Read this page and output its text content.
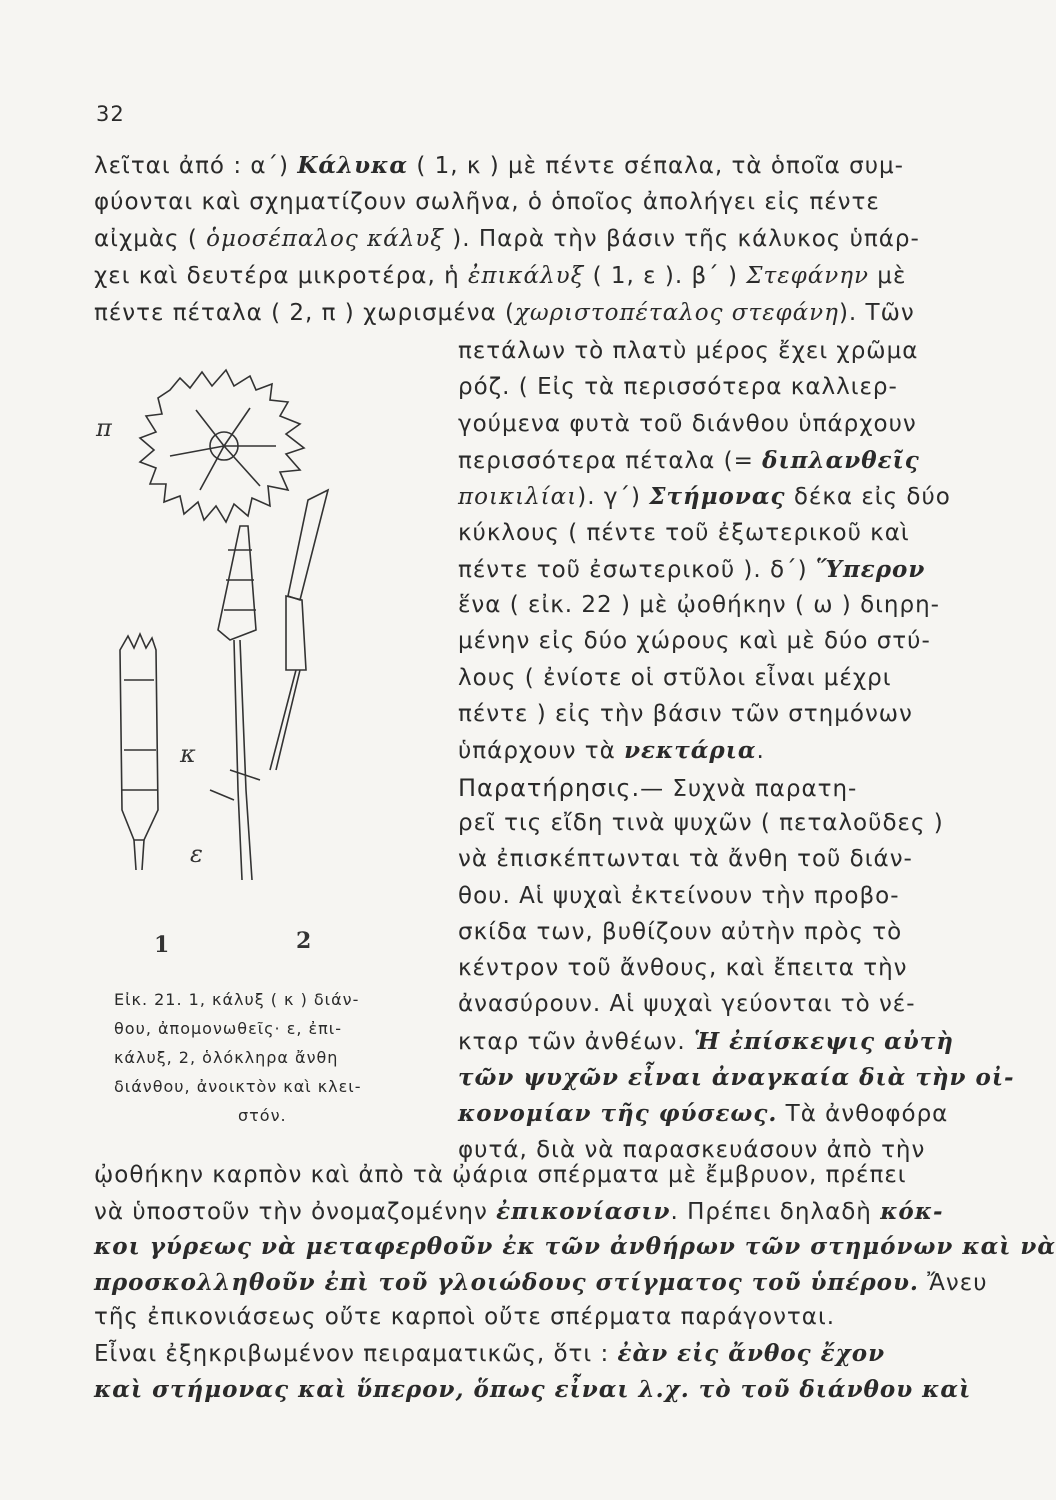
32
λεῖται ἀπό : α΄) Κάλυκα ( 1, κ ) μὲ πέντε σέπαλα, τὰ ὁποῖα συμ-
φύονται καὶ σχηματίζουν σωλῆνα, ὁ ὁποῖος ἀπολήγει εἰς πέντε
αἰχμὰς ( ὁμοσέπαλος κάλυξ ). Παρὰ τὴν βάσιν τῆς κάλυκος ὑπάρ-
χει καὶ δευτέρα μικροτέρα, ἡ ἐπικάλυξ ( 1, ε ). β΄ ) Στεφάνην μὲ
πέντε πέταλα ( 2, π ) χωρισμένα (χωριστοπέταλος στεφάνη). Τῶν
πετάλων τὸ πλατὺ μέρος ἔχει χρῶμα
ρόζ. ( Εἰς τὰ περισσότερα καλλιερ-
γούμενα φυτὰ τοῦ διάνθου ὑπάρχουν
περισσότερα πέταλα (= διπλανθεῖς
ποικιλίαι). γ΄) Στήμονας δέκα εἰς δύο
κύκλους ( πέντε τοῦ ἐξωτερικοῦ καὶ
πέντε τοῦ ἐσωτερικοῦ ). δ΄) Ὕπερον
ἕνα ( εἰκ. 22 ) μὲ ᾠοθήκην ( ω ) διηρη-
μένην εἰς δύο χώρους καὶ μὲ δύο στύ-
λους ( ἐνίοτε οἱ στῦλοι εἶναι μέχρι
πέντε ) εἰς τὴν βάσιν τῶν στημόνων
ὑπάρχουν τὰ νεκτάρια.
Παρατήρησις.— Συχνὰ παρατη-
ρεῖ τις εἴδη τινὰ ψυχῶν ( πεταλοῦδες )
νὰ ἐπισκέπτωνται τὰ ἄνθη τοῦ διάν-
θου. Αἱ ψυχαὶ ἐκτείνουν τὴν προβο-
σκίδα των, βυθίζουν αὐτὴν πρὸς τὸ
κέντρον τοῦ ἄνθους, καὶ ἔπειτα τὴν
ἀνασύρουν. Αἱ ψυχαὶ γεύονται τὸ νέ-
κταρ τῶν ἀνθέων. Ἡ ἐπίσκεψις αὐτὴ
τῶν ψυχῶν εἶναι ἀναγκαία διὰ τὴν οἰ-
κονομίαν τῆς φύσεως. Τὰ ἀνθοφόρα
φυτά, διὰ νὰ παρασκευάσουν ἀπὸ τὴν
ᾠοθήκην καρπὸν καὶ ἀπὸ τὰ ᾠάρια σπέρματα μὲ ἔμβρυον, πρέπει
νὰ ὑποστοῦν τὴν ὀνομαζομένην ἐπικονίασιν. Πρέπει δηλαδὴ κόκ-
κοι γύρεως νὰ μεταφερθοῦν ἐκ τῶν ἀνθήρων τῶν στημόνων καὶ νὰ
προσκολληθοῦν ἐπὶ τοῦ γλοιώδους στίγματος τοῦ ὑπέρου. Ἄνευ
τῆς ἐπικονιάσεως οὔτε καρποὶ οὔτε σπέρματα παράγονται.
Εἶναι ἐξηκριβωμένον πειραματικῶς, ὅτι : ἐὰν εἰς ἄνθος ἔχον
καὶ στήμονας καὶ ὕπερον, ὅπως εἶναι λ.χ. τὸ τοῦ διάνθου καὶ
π
κ
ε
1	2
Εἰκ. 21. 1, κάλυξ ( κ ) διάν-
θου, ἀπομονωθεῖς· ε, ἐπι-
κάλυξ, 2, ὁλόκληρα ἄνθη
διάνθου, ἀνοικτὸν καὶ κλει-
στόν.
